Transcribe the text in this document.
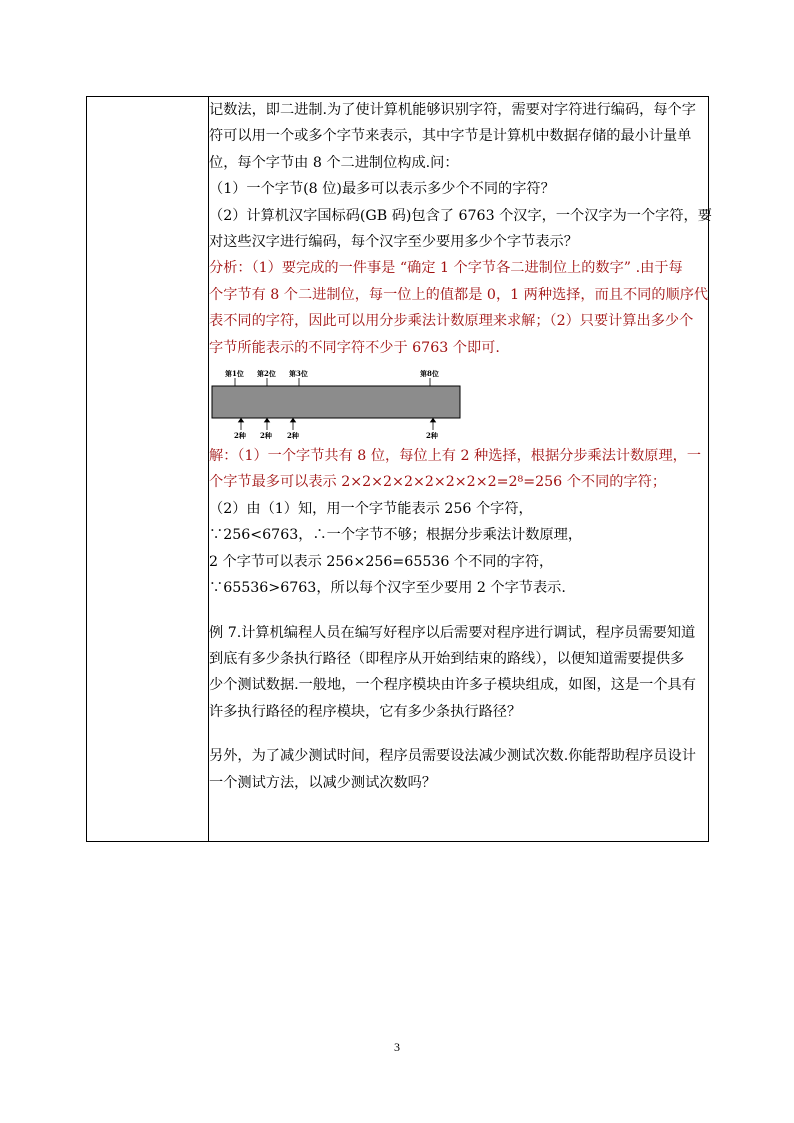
记数法，即二进制.为了使计算机能够识别字符，需要对字符进行编码，每个字
符可以用一个或多个字节来表示，其中字节是计算机中数据存储的最小计量单
位，每个字节由 8 个二进制位构成.问：
（1）一个字节(8 位)最多可以表示多少个不同的字符？
（2）计算机汉字国标码(GB 码)包含了 6763 个汉字，一个汉字为一个字符，要
对这些汉字进行编码，每个汉字至少要用多少个字节表示？
分析：（1）要完成的一件事是 “确定 1 个字节各二进制位上的数字” .由于每
个字节有 8 个二进制位，每一位上的值都是 0，1 两种选择，而且不同的顺序代
表不同的字符，因此可以用分步乘法计数原理来求解；（2）只要计算出多少个
字节所能表示的不同字符不少于 6763 个即可.
第1位 第2位 第3位	第8位
2种 2种 2种	2种
解：（1）一个字节共有 8 位，每位上有 2 种选择，根据分步乘法计数原理，一
个字节最多可以表示 2×2×2×2×2×2×2×2=2⁸=256 个不同的字符；
（2）由（1）知，用一个字节能表示 256 个字符，
∵256<6763，∴一个字节不够；根据分步乘法计数原理，
2 个字节可以表示 256×256=65536 个不同的字符，
∵65536>6763，所以每个汉字至少要用 2 个字节表示.
例 7.计算机编程人员在编写好程序以后需要对程序进行调试，程序员需要知道
到底有多少条执行路径（即程序从开始到结束的路线），以便知道需要提供多
少个测试数据.一般地，一个程序模块由许多子模块组成，如图，这是一个具有
许多执行路径的程序模块，它有多少条执行路径？
另外，为了减少测试时间，程序员需要设法减少测试次数.你能帮助程序员设计
一个测试方法，以减少测试次数吗？
3
